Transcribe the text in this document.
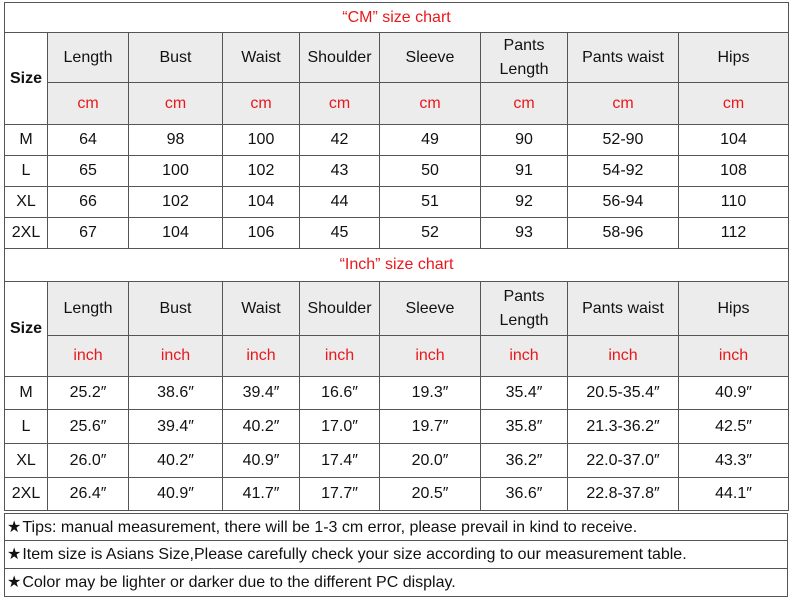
“CM” size chart								
Size	Length	Bust	Waist	Shoulder	Sleeve	Pants Length	Pants waist	Hips
	cm	cm	cm	cm	cm	cm	cm	cm
M	64	98	100	42	49	90	52-90	104
L	65	100	102	43	50	91	54-92	108
XL	66	102	104	44	51	92	56-94	110
2XL	67	104	106	45	52	93	58-96	112
“Inch” size chart								
Size	Length	Bust	Waist	Shoulder	Sleeve	Pants Length	Pants waist	Hips
	inch	inch	inch	inch	inch	inch	inch	inch
M	25.2″	38.6″	39.4″	16.6″	19.3″	35.4″	20.5-35.4″	40.9″
L	25.6″	39.4″	40.2″	17.0″	19.7″	35.8″	21.3-36.2″	42.5″
XL	26.0″	40.2″	40.9″	17.4″	20.0″	36.2″	22.0-37.0″	43.3″
2XL	26.4″	40.9″	41.7″	17.7″	20.5″	36.6″	22.8-37.8″	44.1″
★Tips: manual measurement, there will be 1-3 cm error, please prevail in kind to receive.
★Item size is Asians Size,Please carefully check your size according to our measurement table.
★Color may be lighter or darker due to the different PC display.
